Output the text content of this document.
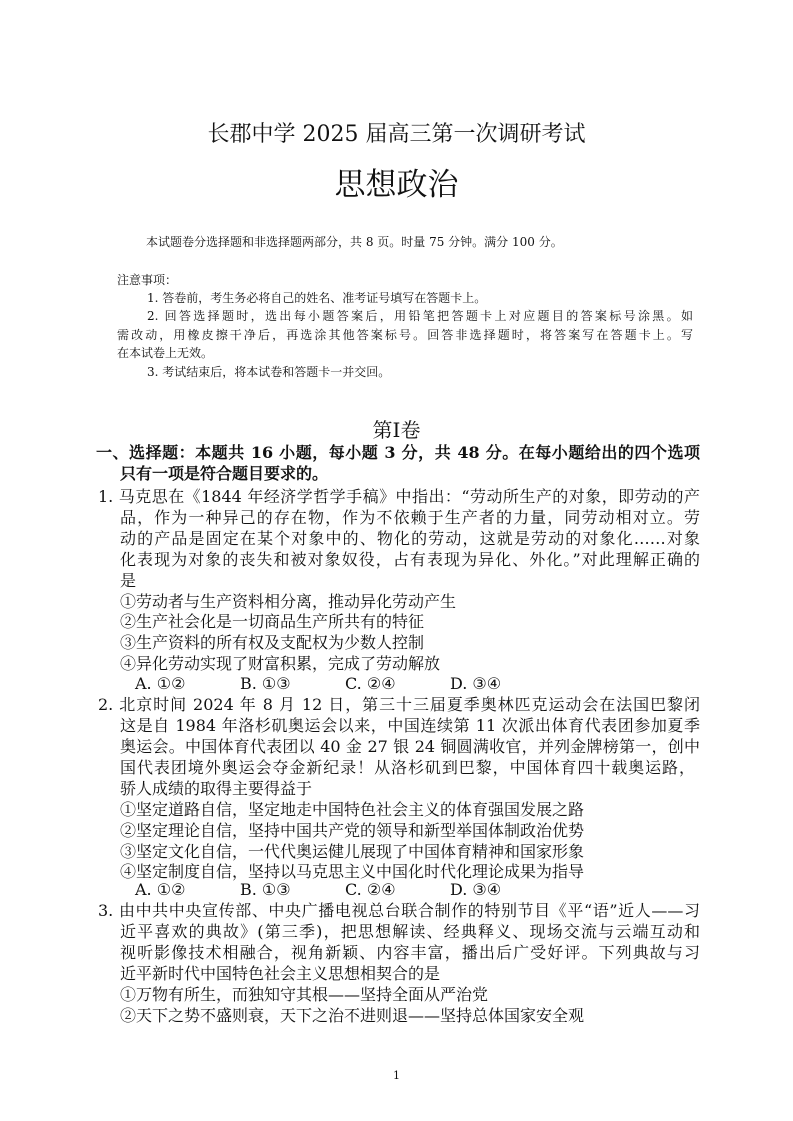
长郡中学 2025 届高三第一次调研考试
思想政治
本试题卷分选择题和非选择题两部分，共 8 页。时量 75 分钟。满分 100 分。
注意事项：
1. 答卷前，考生务必将自己的姓名、准考证号填写在答题卡上。
2. 回答选择题时，选出每小题答案后，用铅笔把答题卡上对应题目的答案标号涂黑。如
需改动，用橡皮擦干净后，再选涂其他答案标号。回答非选择题时，将答案写在答题卡上。写
在本试卷上无效。
3. 考试结束后，将本试卷和答题卡一并交回。
第Ⅰ卷
一、选择题：本题共 16 小题，每小题 3 分，共 48 分。在每小题给出的四个选项
只有一项是符合题目要求的。
1. 马克思在《1844 年经济学哲学手稿》中指出：“劳动所生产的对象，即劳动的产
品，作为一种异己的存在物，作为不依赖于生产者的力量，同劳动相对立。劳
动的产品是固定在某个对象中的、物化的劳动，这就是劳动的对象化……对象
化表现为对象的丧失和被对象奴役，占有表现为异化、外化。”对此理解正确的
是
①劳动者与生产资料相分离，推动异化劳动产生
②生产社会化是一切商品生产所共有的特征
③生产资料的所有权及支配权为少数人控制
④异化劳动实现了财富积累，完成了劳动解放
A. ①②	B. ①③	C. ②④	D. ③④
2. 北京时间 2024 年 8 月 12 日，第三十三届夏季奥林匹克运动会在法国巴黎闭
这是自 1984 年洛杉矶奥运会以来，中国连续第 11 次派出体育代表团参加夏季
奥运会。中国体育代表团以 40 金 27 银 24 铜圆满收官，并列金牌榜第一，创中
国代表团境外奥运会夺金新纪录！从洛杉矶到巴黎，中国体育四十载奥运路，
骄人成绩的取得主要得益于
①坚定道路自信，坚定地走中国特色社会主义的体育强国发展之路
②坚定理论自信，坚持中国共产党的领导和新型举国体制政治优势
③坚定文化自信，一代代奥运健儿展现了中国体育精神和国家形象
④坚定制度自信，坚持以马克思主义中国化时代化理论成果为指导
A. ①②	B. ①③	C. ②④	D. ③④
3. 由中共中央宣传部、中央广播电视总台联合制作的特别节目《平“语”近人——习
近平喜欢的典故》(第三季)，把思想解读、经典释义、现场交流与云端互动和
视听影像技术相融合，视角新颖、内容丰富，播出后广受好评。下列典故与习
近平新时代中国特色社会主义思想相契合的是
①万物有所生，而独知守其根——坚持全面从严治党
②天下之势不盛则衰，天下之治不进则退——坚持总体国家安全观
1
